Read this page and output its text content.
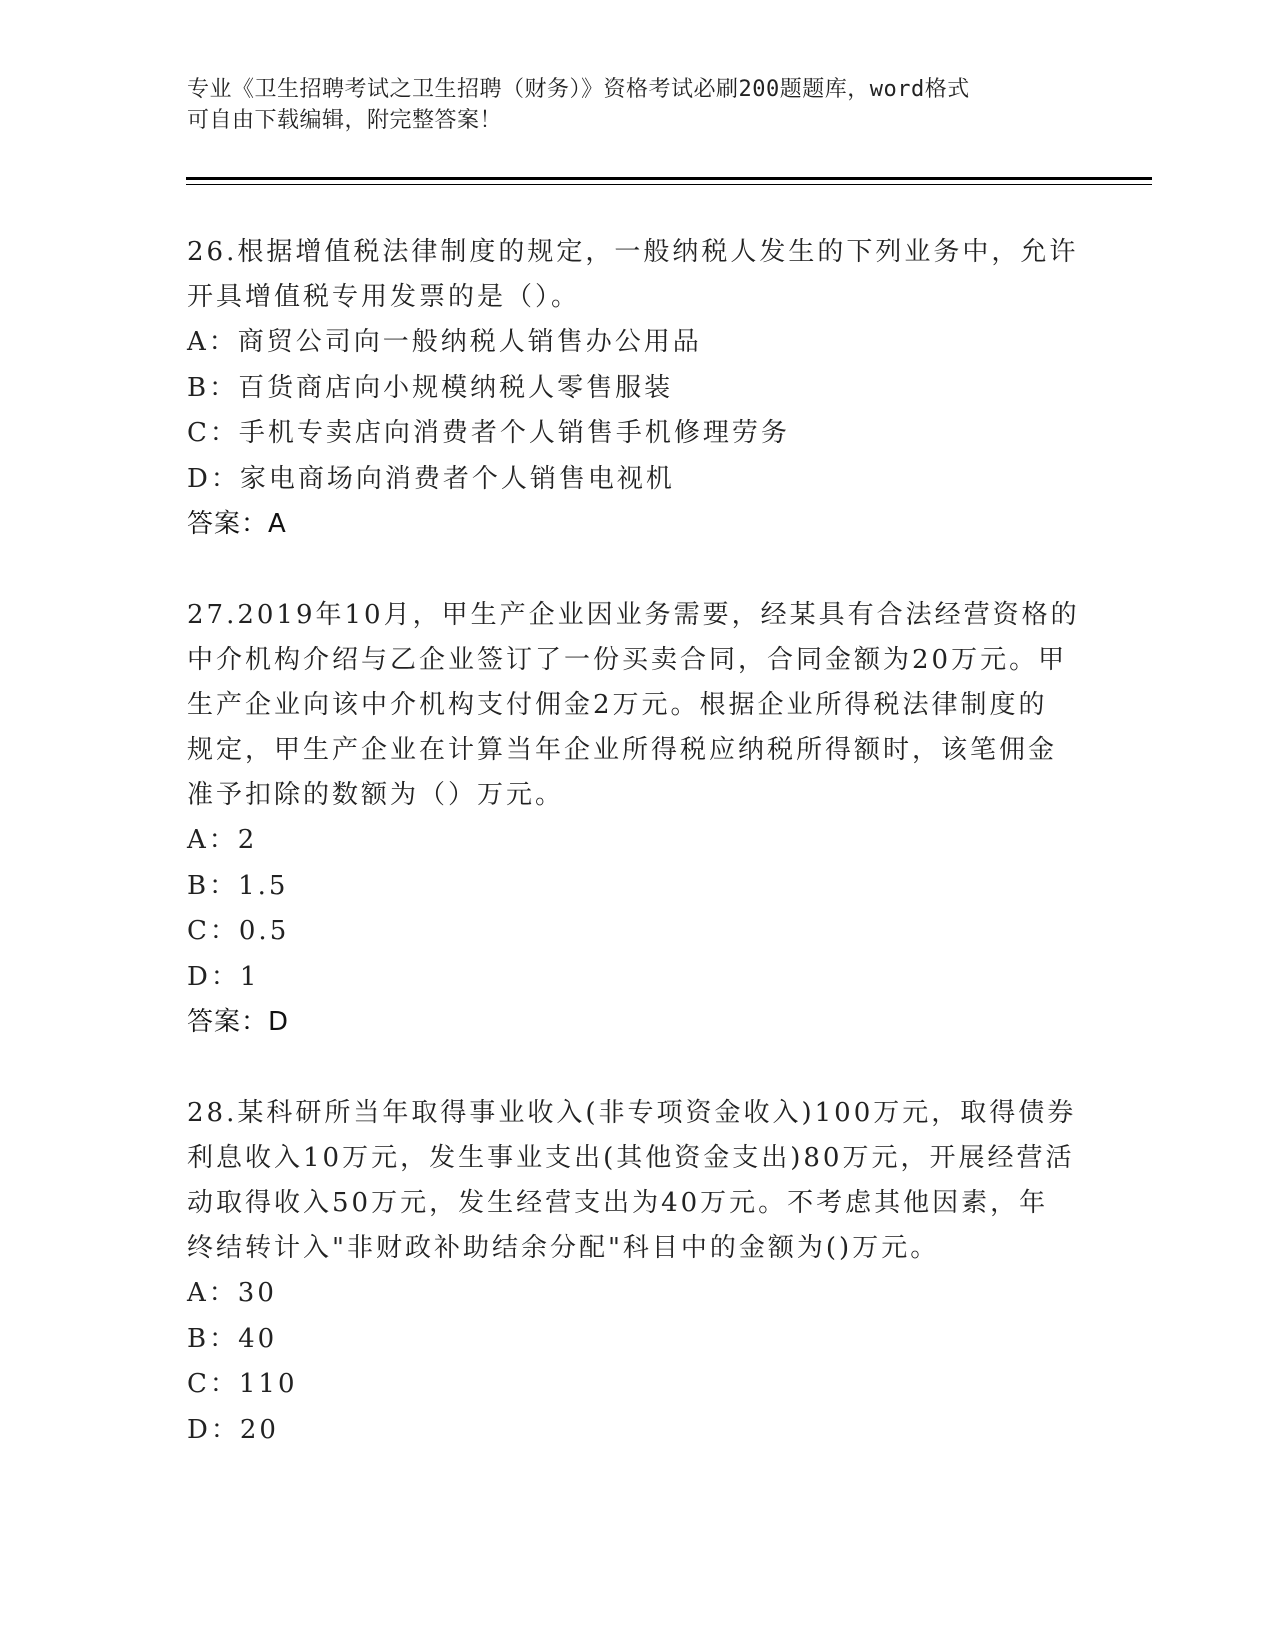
专业《卫生招聘考试之卫生招聘（财务）》资格考试必刷200题题库，word格式
可自由下载编辑，附完整答案！
26.根据增值税法律制度的规定，一般纳税人发生的下列业务中，允许
开具增值税专用发票的是（）。
A：商贸公司向一般纳税人销售办公用品
B：百货商店向小规模纳税人零售服装
C：手机专卖店向消费者个人销售手机修理劳务
D：家电商场向消费者个人销售电视机
答案：A
27.2019年10月，甲生产企业因业务需要，经某具有合法经营资格的
中介机构介绍与乙企业签订了一份买卖合同，合同金额为20万元。甲
生产企业向该中介机构支付佣金2万元。根据企业所得税法律制度的
规定，甲生产企业在计算当年企业所得税应纳税所得额时，该笔佣金
准予扣除的数额为（）万元。
A：2
B：1.5
C：0.5
D：1
答案：D
28.某科研所当年取得事业收入(非专项资金收入)100万元，取得债券
利息收入10万元，发生事业支出(其他资金支出)80万元，开展经营活
动取得收入50万元，发生经营支出为40万元。不考虑其他因素，年
终结转计入"非财政补助结余分配"科目中的金额为()万元。
A：30
B：40
C：110
D：20
